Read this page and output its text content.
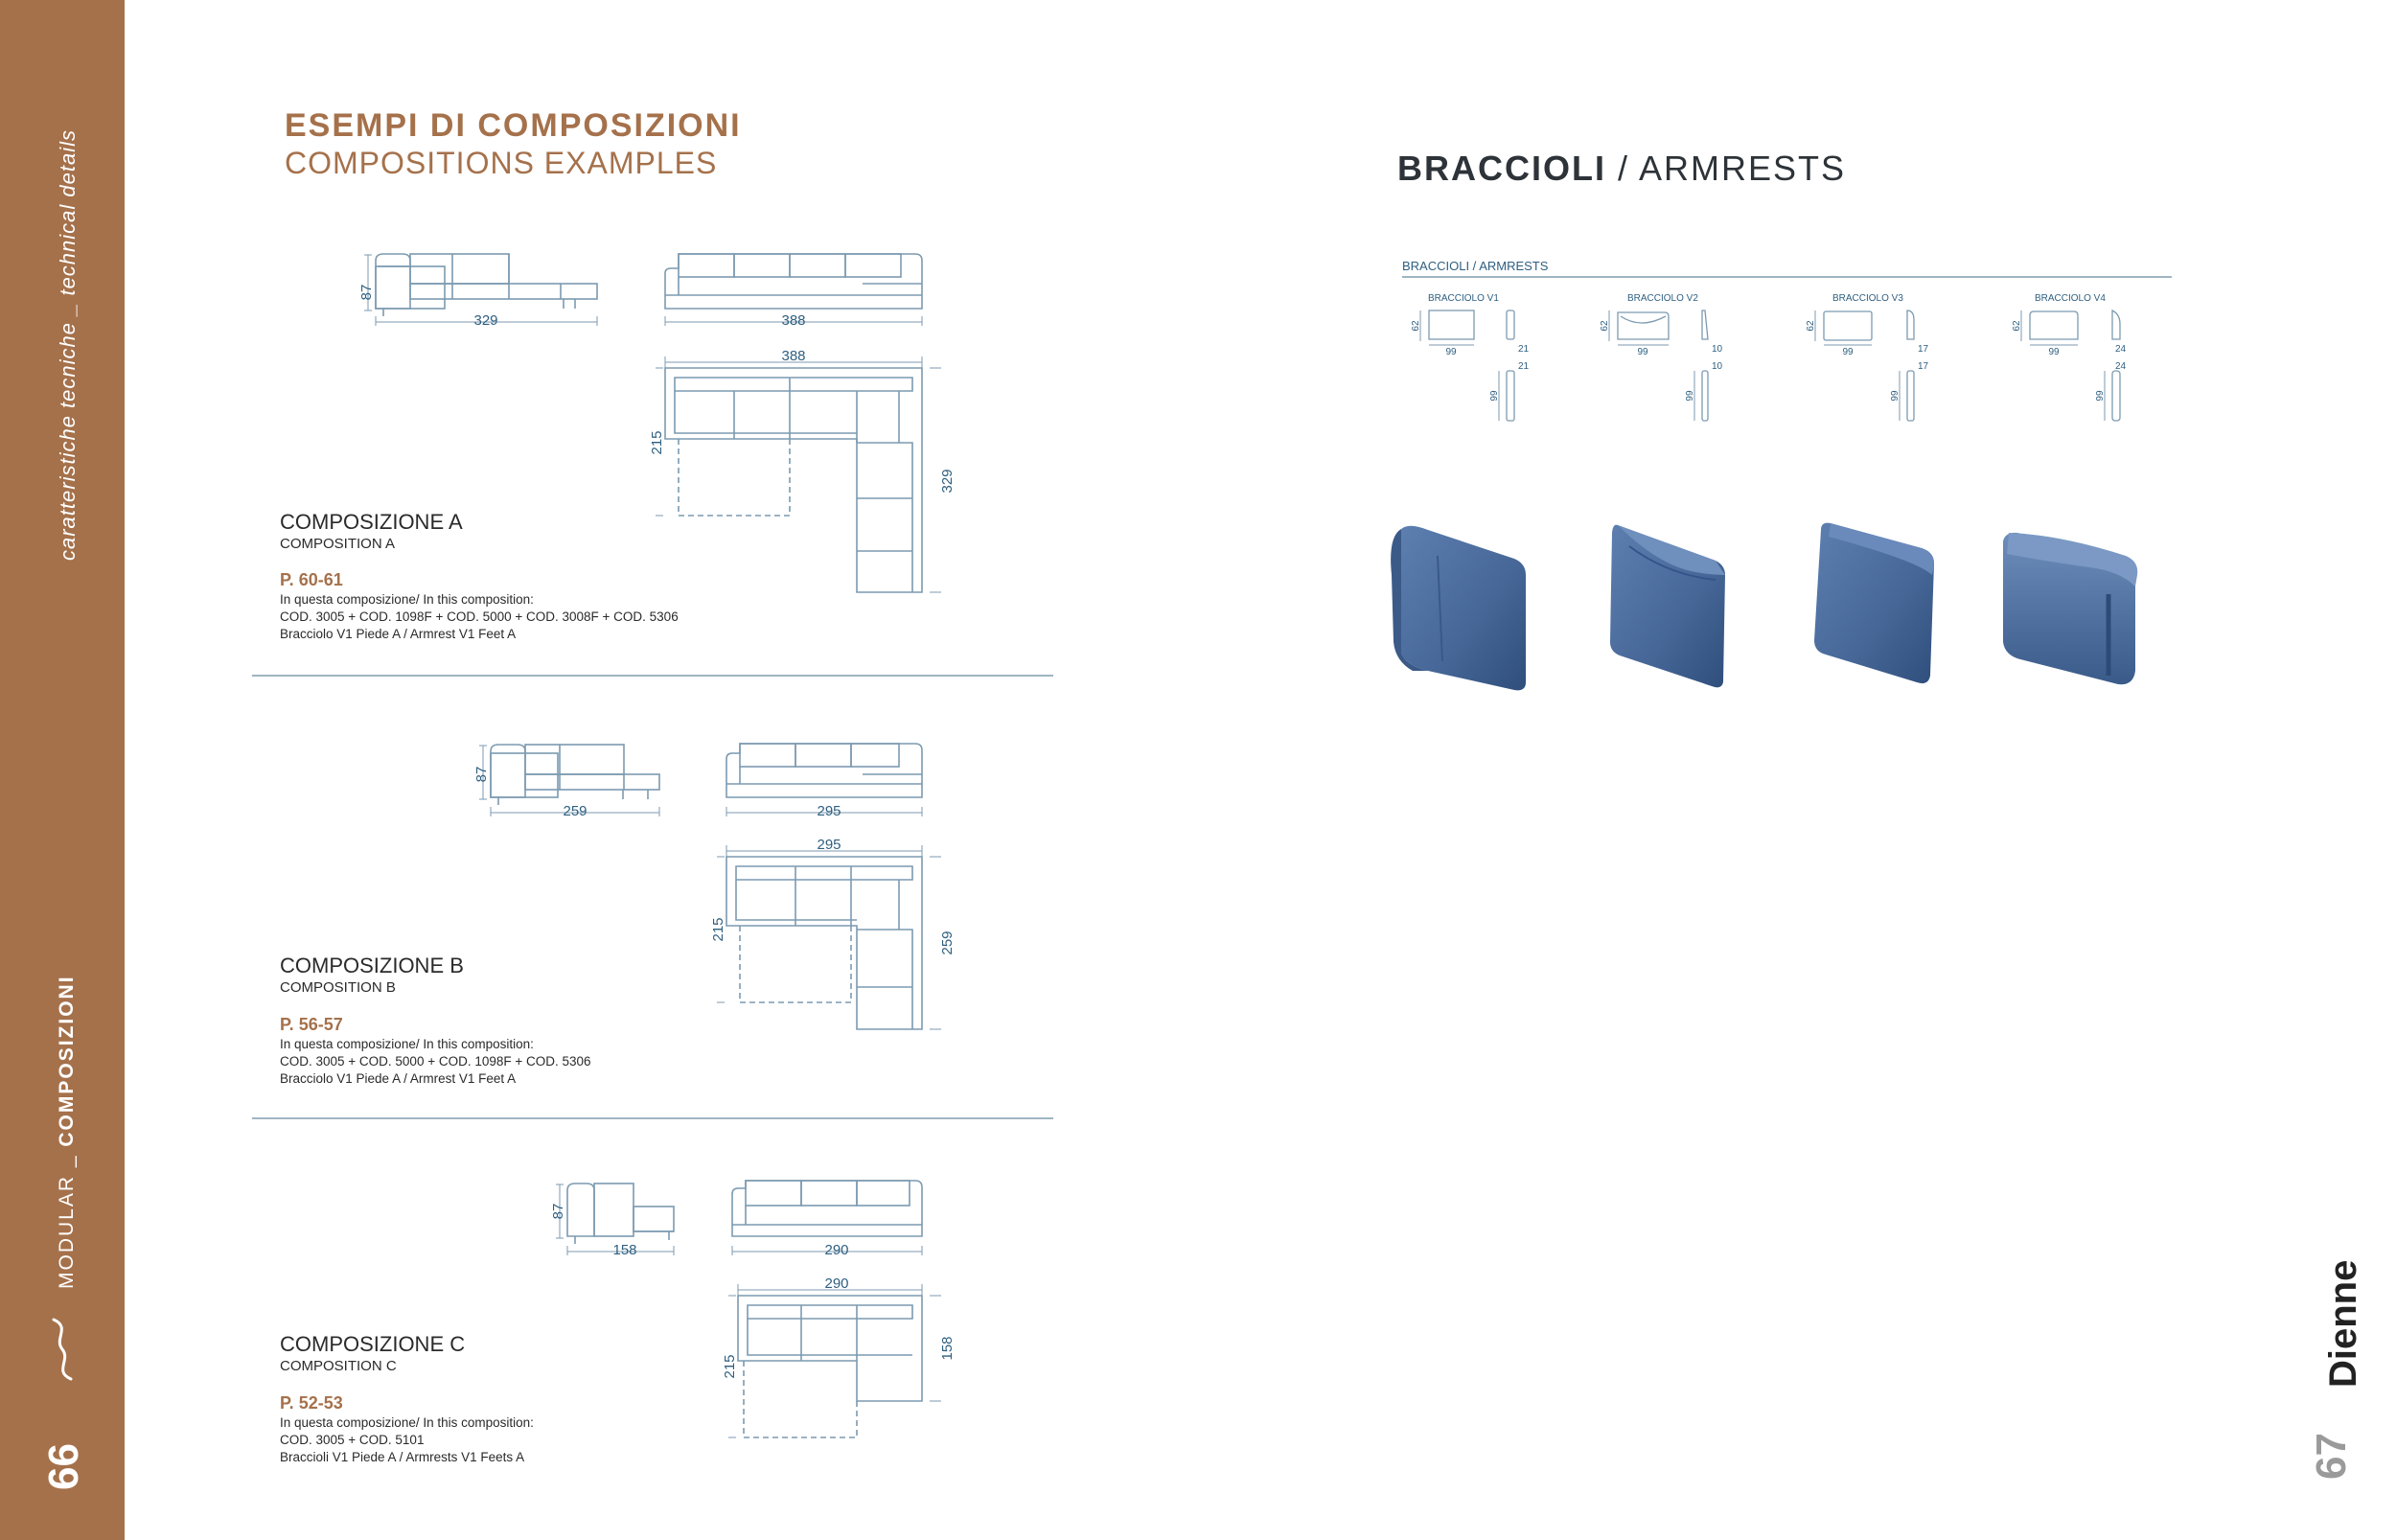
caratteristiche tecniche _ technical details
MODULAR _ COMPOSIZIONI
66
ESEMPI DI COMPOSIZIONI
COMPOSITIONS EXAMPLES
COMPOSIZIONE A
COMPOSITION A
P. 60-61
In questa composizione/ In this composition:
COD. 3005 + COD. 1098F + COD. 5000 + COD. 3008F + COD. 5306
Bracciolo V1 Piede A / Armrest V1 Feet A
COMPOSIZIONE B
COMPOSITION B
P. 56-57
In questa composizione/ In this composition:
COD. 3005 + COD. 5000 + COD. 1098F + COD. 5306
Bracciolo V1 Piede A / Armrest V1 Feet A
COMPOSIZIONE C
COMPOSITION C
P. 52-53
In questa composizione/ In this composition:
COD. 3005 + COD. 5101
Braccioli V1 Piede A / Armrests V1 Feets A
87
329	388
388
215
329
87
259	295
295
215
259
87
158	290
290
215
158
BRACCIOLI / ARMRESTS
BRACCIOLI / ARMRESTS
BRACCIOLO V1	BRACCIOLO V2	BRACCIOLO V3	BRACCIOLO V4
62
99	21
21
99
62
99	10
10
99
62
99	17
17
99
62
99	24
24
99
Dienne
67
